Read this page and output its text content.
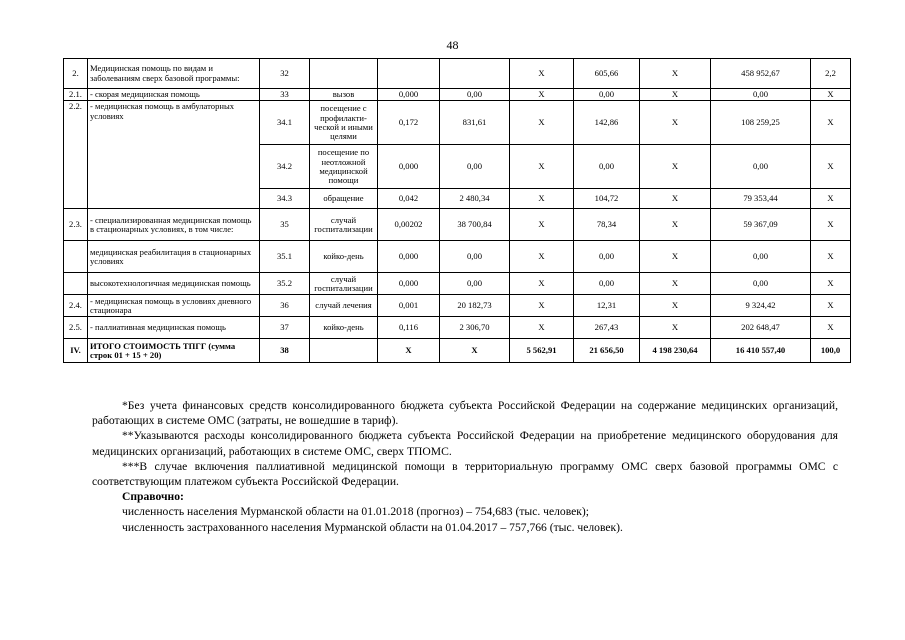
48
2.	Медицинская помощь по видам и заболеваниям сверх базовой программы:	32				X	605,66	X	458 952,67	2,2
2.1.	- скорая медицинская помощь	33	вызов	0,000	0,00	X	0,00	X	0,00	X
2.2.	- медицинская помощь в амбулаторных условиях	34.1	посещение с профилакти-ческой и иными целями	0,172	831,61	X	142,86	X	108 259,25	X
		34.2	посещение по неотложной медицинской помощи	0,000	0,00	X	0,00	X	0,00	X
		34.3	обращение	0,042	2 480,34	X	104,72	X	79 353,44	X
2.3.	- специализированная медицинская помощь в стационарных условиях, в том числе:	35	случай госпитализации	0,00202	38 700,84	X	78,34	X	59 367,09	X
	медицинская реабилитация в стационарных условиях	35.1	койко-день	0,000	0,00	X	0,00	X	0,00	X
	высокотехнологичная медицинская помощь	35.2	случай госпитализации	0,000	0,00	X	0,00	X	0,00	X
2.4.	- медицинская помощь в условиях дневного стационара	36	случай лечения	0,001	20 182,73	X	12,31	X	9 324,42	X
2.5.	- паллиативная медицинская помощь	37	койко-день	0,116	2 306,70	X	267,43	X	202 648,47	X
IV.	ИТОГО СТОИМОСТЬ ТПГГ (сумма строк 01 + 15 + 20)	38		X	X	5 562,91	21 656,50	4 198 230,64	16 410 557,40	100,0

*Без учета финансовых средств консолидированного бюджета субъекта Российской Федерации на содержание медицинских организаций, работающих в системе ОМС (затраты, не вошедшие в тариф).

**Указываются расходы консолидированного бюджета субъекта Российской Федерации на приобретение медицинского оборудования для медицинских организаций, работающих в системе ОМС, сверх ТПОМС.

***В случае включения паллиативной медицинской помощи в территориальную программу ОМС сверх базовой программы ОМС с соответствующим платежом субъекта Российской Федерации.

Справочно:

численность населения Мурманской области на 01.01.2018 (прогноз) – 754,683 (тыс. человек);

численность застрахованного населения Мурманской области на 01.04.2017 – 757,766 (тыс. человек).
